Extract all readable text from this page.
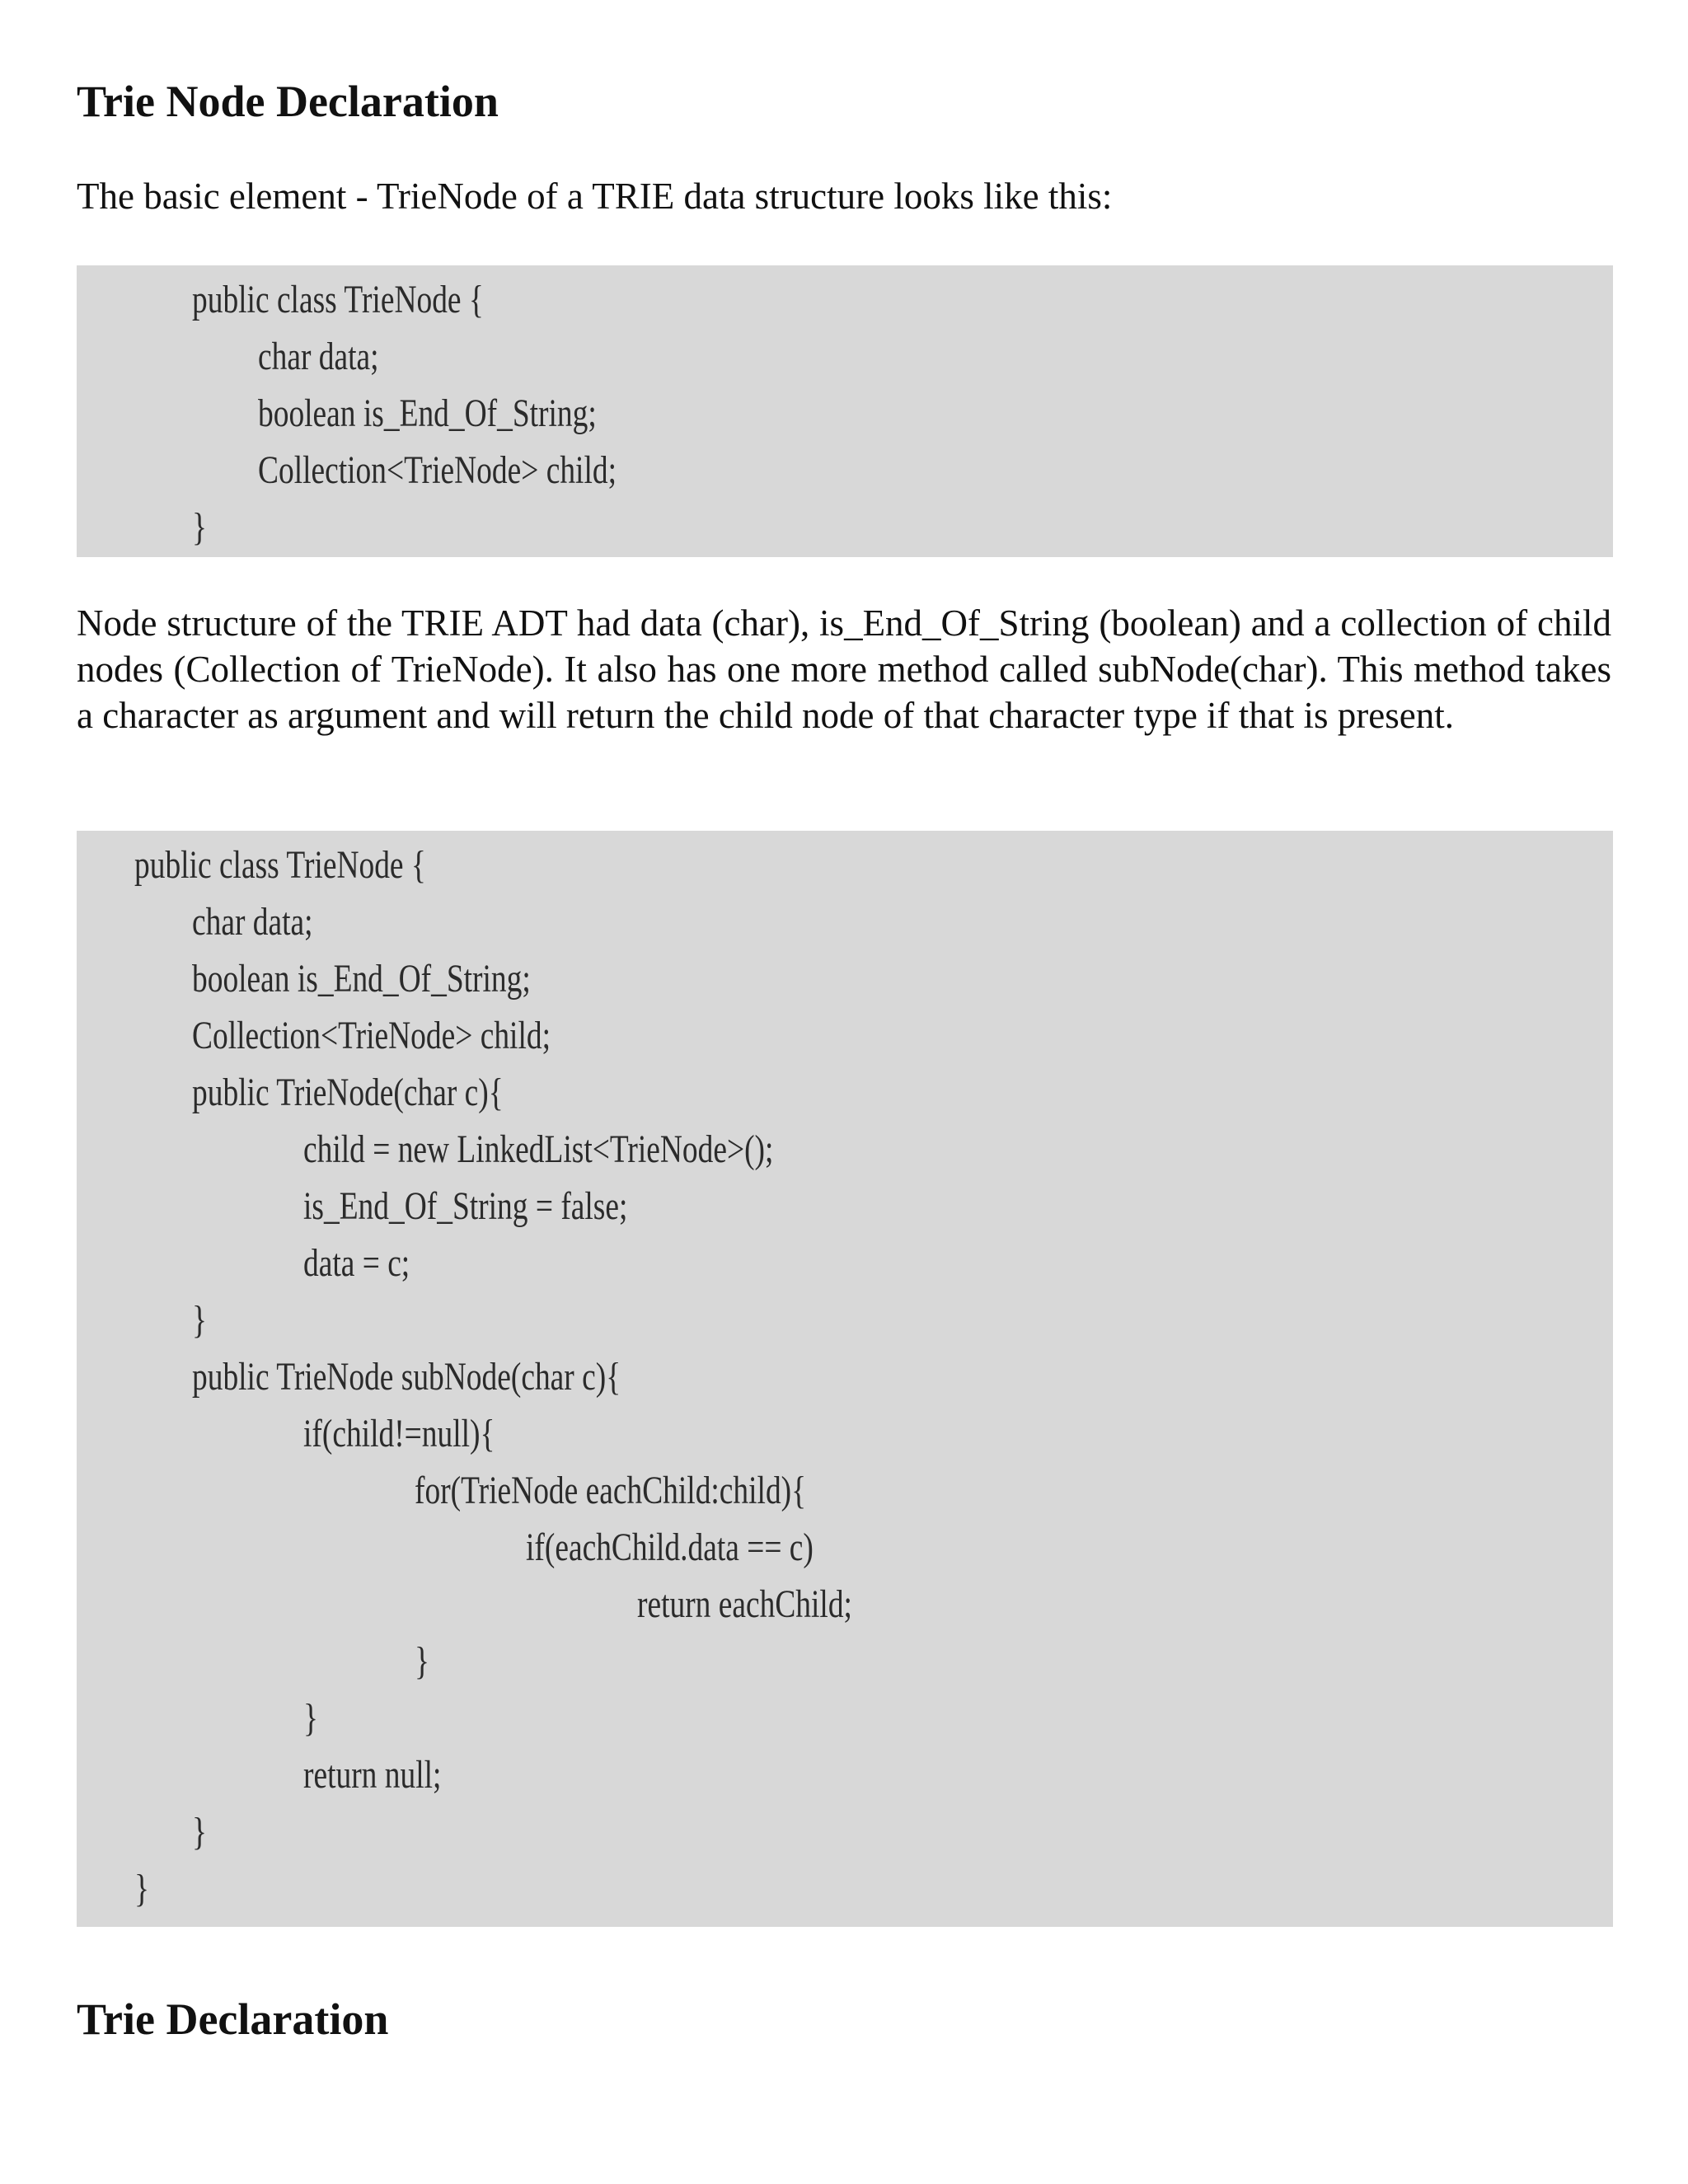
Trie Node Declaration

The basic element - TrieNode of a TRIE data structure looks like this:

public class TrieNode {
char data;
boolean is_End_Of_String;
Collection<TrieNode> child;
}

Node structure of the TRIE ADT had data (char), is_End_Of_String (boolean) and a collection of child nodes (Collection of TrieNode). It also has one more method called subNode(char). This method takes a character as argument and will return the child node of that character type if that is present.

public class TrieNode {
char data;
boolean is_End_Of_String;
Collection<TrieNode> child;
public TrieNode(char c){
child = new LinkedList<TrieNode>();
is_End_Of_String = false;
data = c;
}
public TrieNode subNode(char c){
if(child!=null){
for(TrieNode eachChild:child){
if(eachChild.data == c)
return eachChild;
}
}
return null;
}
}
Trie Declaration
